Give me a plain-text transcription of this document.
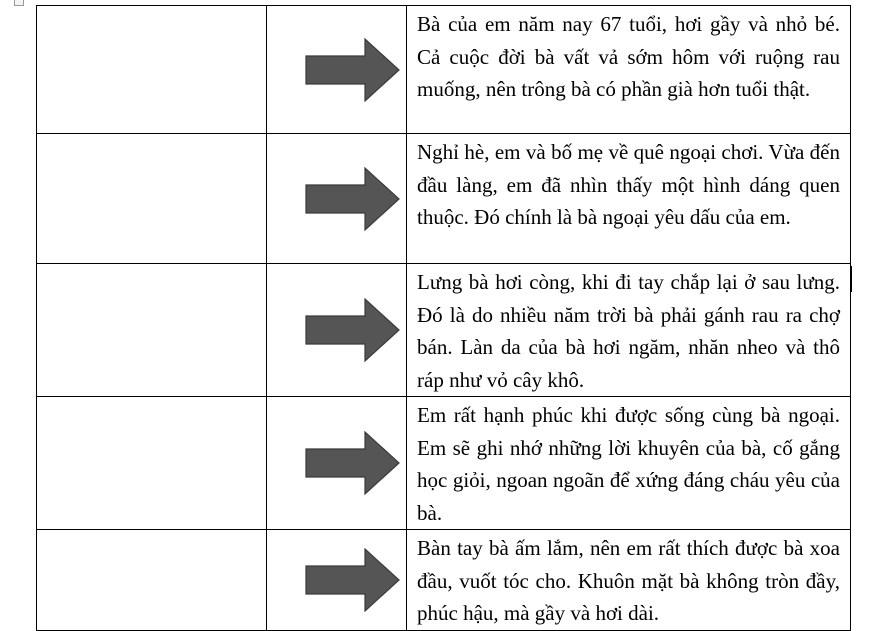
	Bà của em năm nay 67 tuổi, hơi gầy và nhỏ bé. Cả cuộc đời bà vất vả sớm hôm với ruộng rau muống, nên trông bà có phần già hơn tuổi thật.

	Nghỉ hè, em và bố mẹ về quê ngoại chơi. Vừa đến đầu làng, em đã nhìn thấy một hình dáng quen thuộc. Đó chính là bà ngoại yêu dấu của em.

	Lưng bà hơi còng, khi đi tay chắp lại ở sau lưng. Đó là do nhiều năm trời bà phải gánh rau ra chợ bán. Làn da của bà hơi ngăm, nhăn nheo và thô ráp như vỏ cây khô.

	Em rất hạnh phúc khi được sống cùng bà ngoại. Em sẽ ghi nhớ những lời khuyên của bà, cố gắng học giỏi, ngoan ngoãn để xứng đáng cháu yêu của bà.

	Bàn tay bà ấm lắm, nên em rất thích được bà xoa đầu, vuốt tóc cho. Khuôn mặt bà không tròn đầy, phúc hậu, mà gầy và hơi dài.
